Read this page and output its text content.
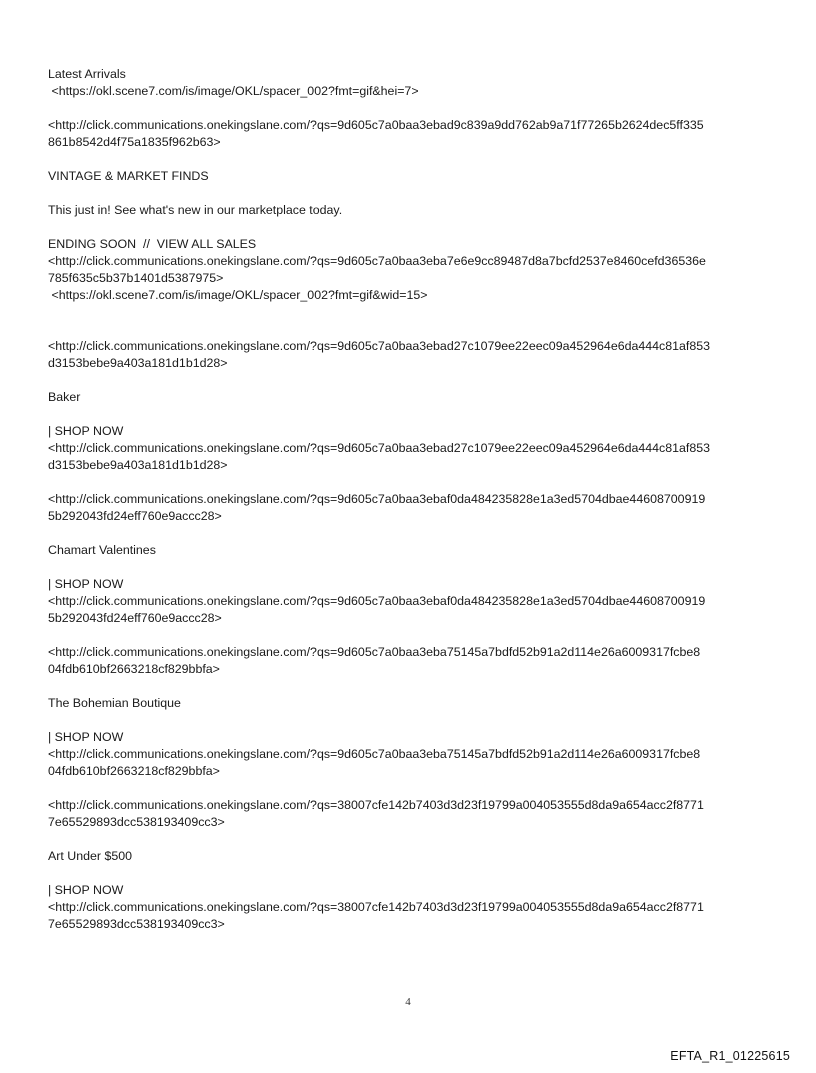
Latest Arrivals
<https://okl.scene7.com/is/image/OKL/spacer_002?fmt=gif&hei=7>

<http://click.communications.onekingslane.com/?qs=9d605c7a0baa3ebad9c839a9dd762ab9a71f77265b2624dec5ff335
861b8542d4f75a1835f962b63>

VINTAGE & MARKET FINDS

This just in! See what's new in our marketplace today.

ENDING SOON  //  VIEW ALL SALES
<http://click.communications.onekingslane.com/?qs=9d605c7a0baa3eba7e6e9cc89487d8a7bcfd2537e8460cefd36536e
785f635c5b37b1401d5387975>
<https://okl.scene7.com/is/image/OKL/spacer_002?fmt=gif&wid=15>

<http://click.communications.onekingslane.com/?qs=9d605c7a0baa3ebad27c1079ee22eec09a452964e6da444c81af853
d3153bebe9a403a181d1b1d28>

Baker

| SHOP NOW
<http://click.communications.onekingslane.com/?qs=9d605c7a0baa3ebad27c1079ee22eec09a452964e6da444c81af853
d3153bebe9a403a181d1b1d28>

<http://click.communications.onekingslane.com/?qs=9d605c7a0baa3ebaf0da484235828e1a3ed5704dbae44608700919
5b292043fd24eff760e9accc28>

Chamart Valentines

| SHOP NOW
<http://click.communications.onekingslane.com/?qs=9d605c7a0baa3ebaf0da484235828e1a3ed5704dbae44608700919
5b292043fd24eff760e9accc28>

<http://click.communications.onekingslane.com/?qs=9d605c7a0baa3eba75145a7bdfd52b91a2d114e26a6009317fcbe8
04fdb610bf2663218cf829bbfa>

The Bohemian Boutique

| SHOP NOW
<http://click.communications.onekingslane.com/?qs=9d605c7a0baa3eba75145a7bdfd52b91a2d114e26a6009317fcbe8
04fdb610bf2663218cf829bbfa>

<http://click.communications.onekingslane.com/?qs=38007cfe142b7403d3d23f19799a004053555d8da9a654acc2f8771
7e65529893dcc538193409cc3>

Art Under $500

| SHOP NOW
<http://click.communications.onekingslane.com/?qs=38007cfe142b7403d3d23f19799a004053555d8da9a654acc2f8771
7e65529893dcc538193409cc3>

4
EFTA_R1_01225615
